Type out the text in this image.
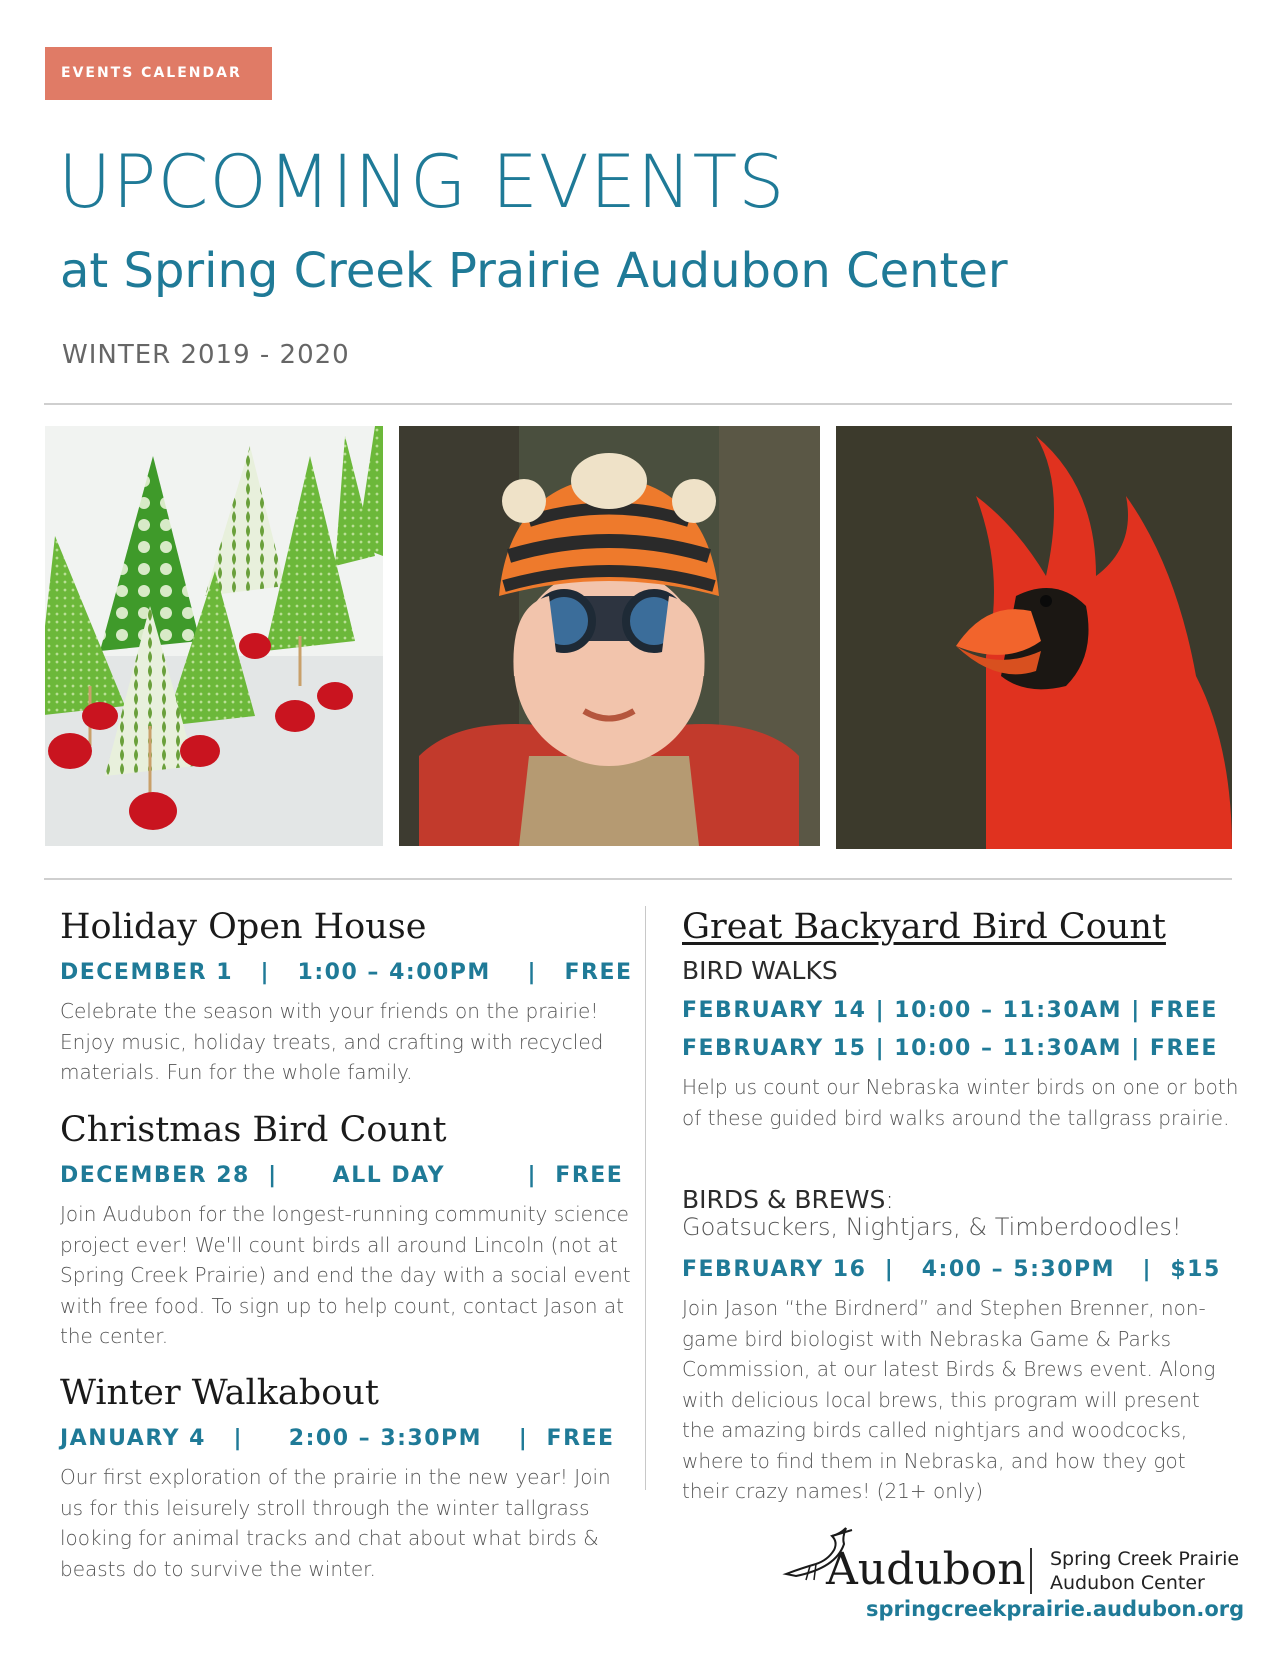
EVENTS CALENDAR
UPCOMING EVENTS
at Spring Creek Prairie Audubon Center
WINTER 2019 - 2020
Holiday Open House
DECEMBER 1   |   1:00 – 4:00PM    |   FREE
Celebrate the season with your friends on the prairie! Enjoy music, holiday treats, and crafting with recycled materials. Fun for the whole family.
Christmas Bird Count
DECEMBER 28  |      ALL DAY         |  FREE
Join Audubon for the longest-running community science project ever! We'll count birds all around Lincoln (not at Spring Creek Prairie) and end the day with a social event with free food. To sign up to help count, contact Jason at the center.
Winter Walkabout
JANUARY 4   |     2:00 – 3:30PM    |  FREE
Our first exploration of the prairie in the new year! Join us for this leisurely stroll through the winter tallgrass looking for animal tracks and chat about what birds & beasts do to survive the winter.
Great Backyard Bird Count
BIRD WALKS
FEBRUARY 14 | 10:00 – 11:30AM | FREE
FEBRUARY 15 | 10:00 – 11:30AM | FREE
Help us count our Nebraska winter birds on one or both of these guided bird walks around the tallgrass prairie.
BIRDS & BREWS:
Goatsuckers, Nightjars, & Timberdoodles!
FEBRUARY 16  |   4:00 – 5:30PM   |  $15
Join Jason “the Birdnerd” and Stephen Brenner, non-game bird biologist with Nebraska Game & Parks Commission, at our latest Birds & Brews event. Along with delicious local brews, this program will present the amazing birds called nightjars and woodcocks, where to find them in Nebraska, and how they got their crazy names! (21+ only)
Audubon Spring Creek Prairie
Audubon Center
springcreekprairie.audubon.org
